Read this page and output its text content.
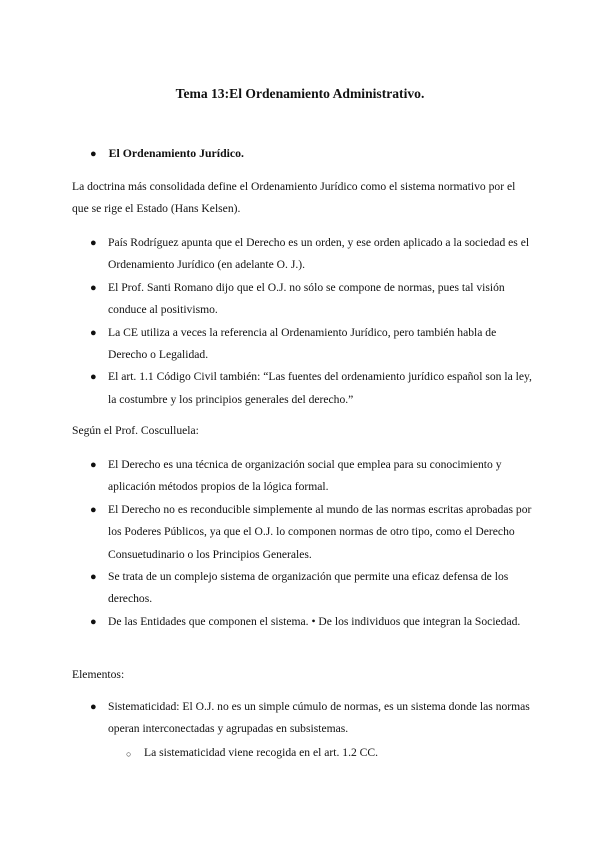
Tema 13:El Ordenamiento Administrativo.
● El Ordenamiento Jurídico.
La doctrina más consolidada define el Ordenamiento Jurídico como el sistema normativo por el que se rige el Estado (Hans Kelsen).
● País Rodríguez apunta que el Derecho es un orden, y ese orden aplicado a la sociedad es el Ordenamiento Jurídico (en adelante O. J.).
● El Prof. Santi Romano dijo que el O.J. no sólo se compone de normas, pues tal visión conduce al positivismo.
● La CE utiliza a veces la referencia al Ordenamiento Jurídico, pero también habla de Derecho o Legalidad.
● El art. 1.1 Código Civil también: “Las fuentes del ordenamiento jurídico español son la ley, la costumbre y los principios generales del derecho.”
Según el Prof. Cosculluela:
● El Derecho es una técnica de organización social que emplea para su conocimiento y aplicación métodos propios de la lógica formal.
● El Derecho no es reconducible simplemente al mundo de las normas escritas aprobadas por los Poderes Públicos, ya que el O.J. lo componen normas de otro tipo, como el Derecho Consuetudinario o los Principios Generales.
● Se trata de un complejo sistema de organización que permite una eficaz defensa de los derechos.
● De las Entidades que componen el sistema. • De los individuos que integran la Sociedad.
Elementos:
● Sistematicidad: El O.J. no es un simple cúmulo de normas, es un sistema donde las normas operan interconectadas y agrupadas en subsistemas.
○ La sistematicidad viene recogida en el art. 1.2 CC.
